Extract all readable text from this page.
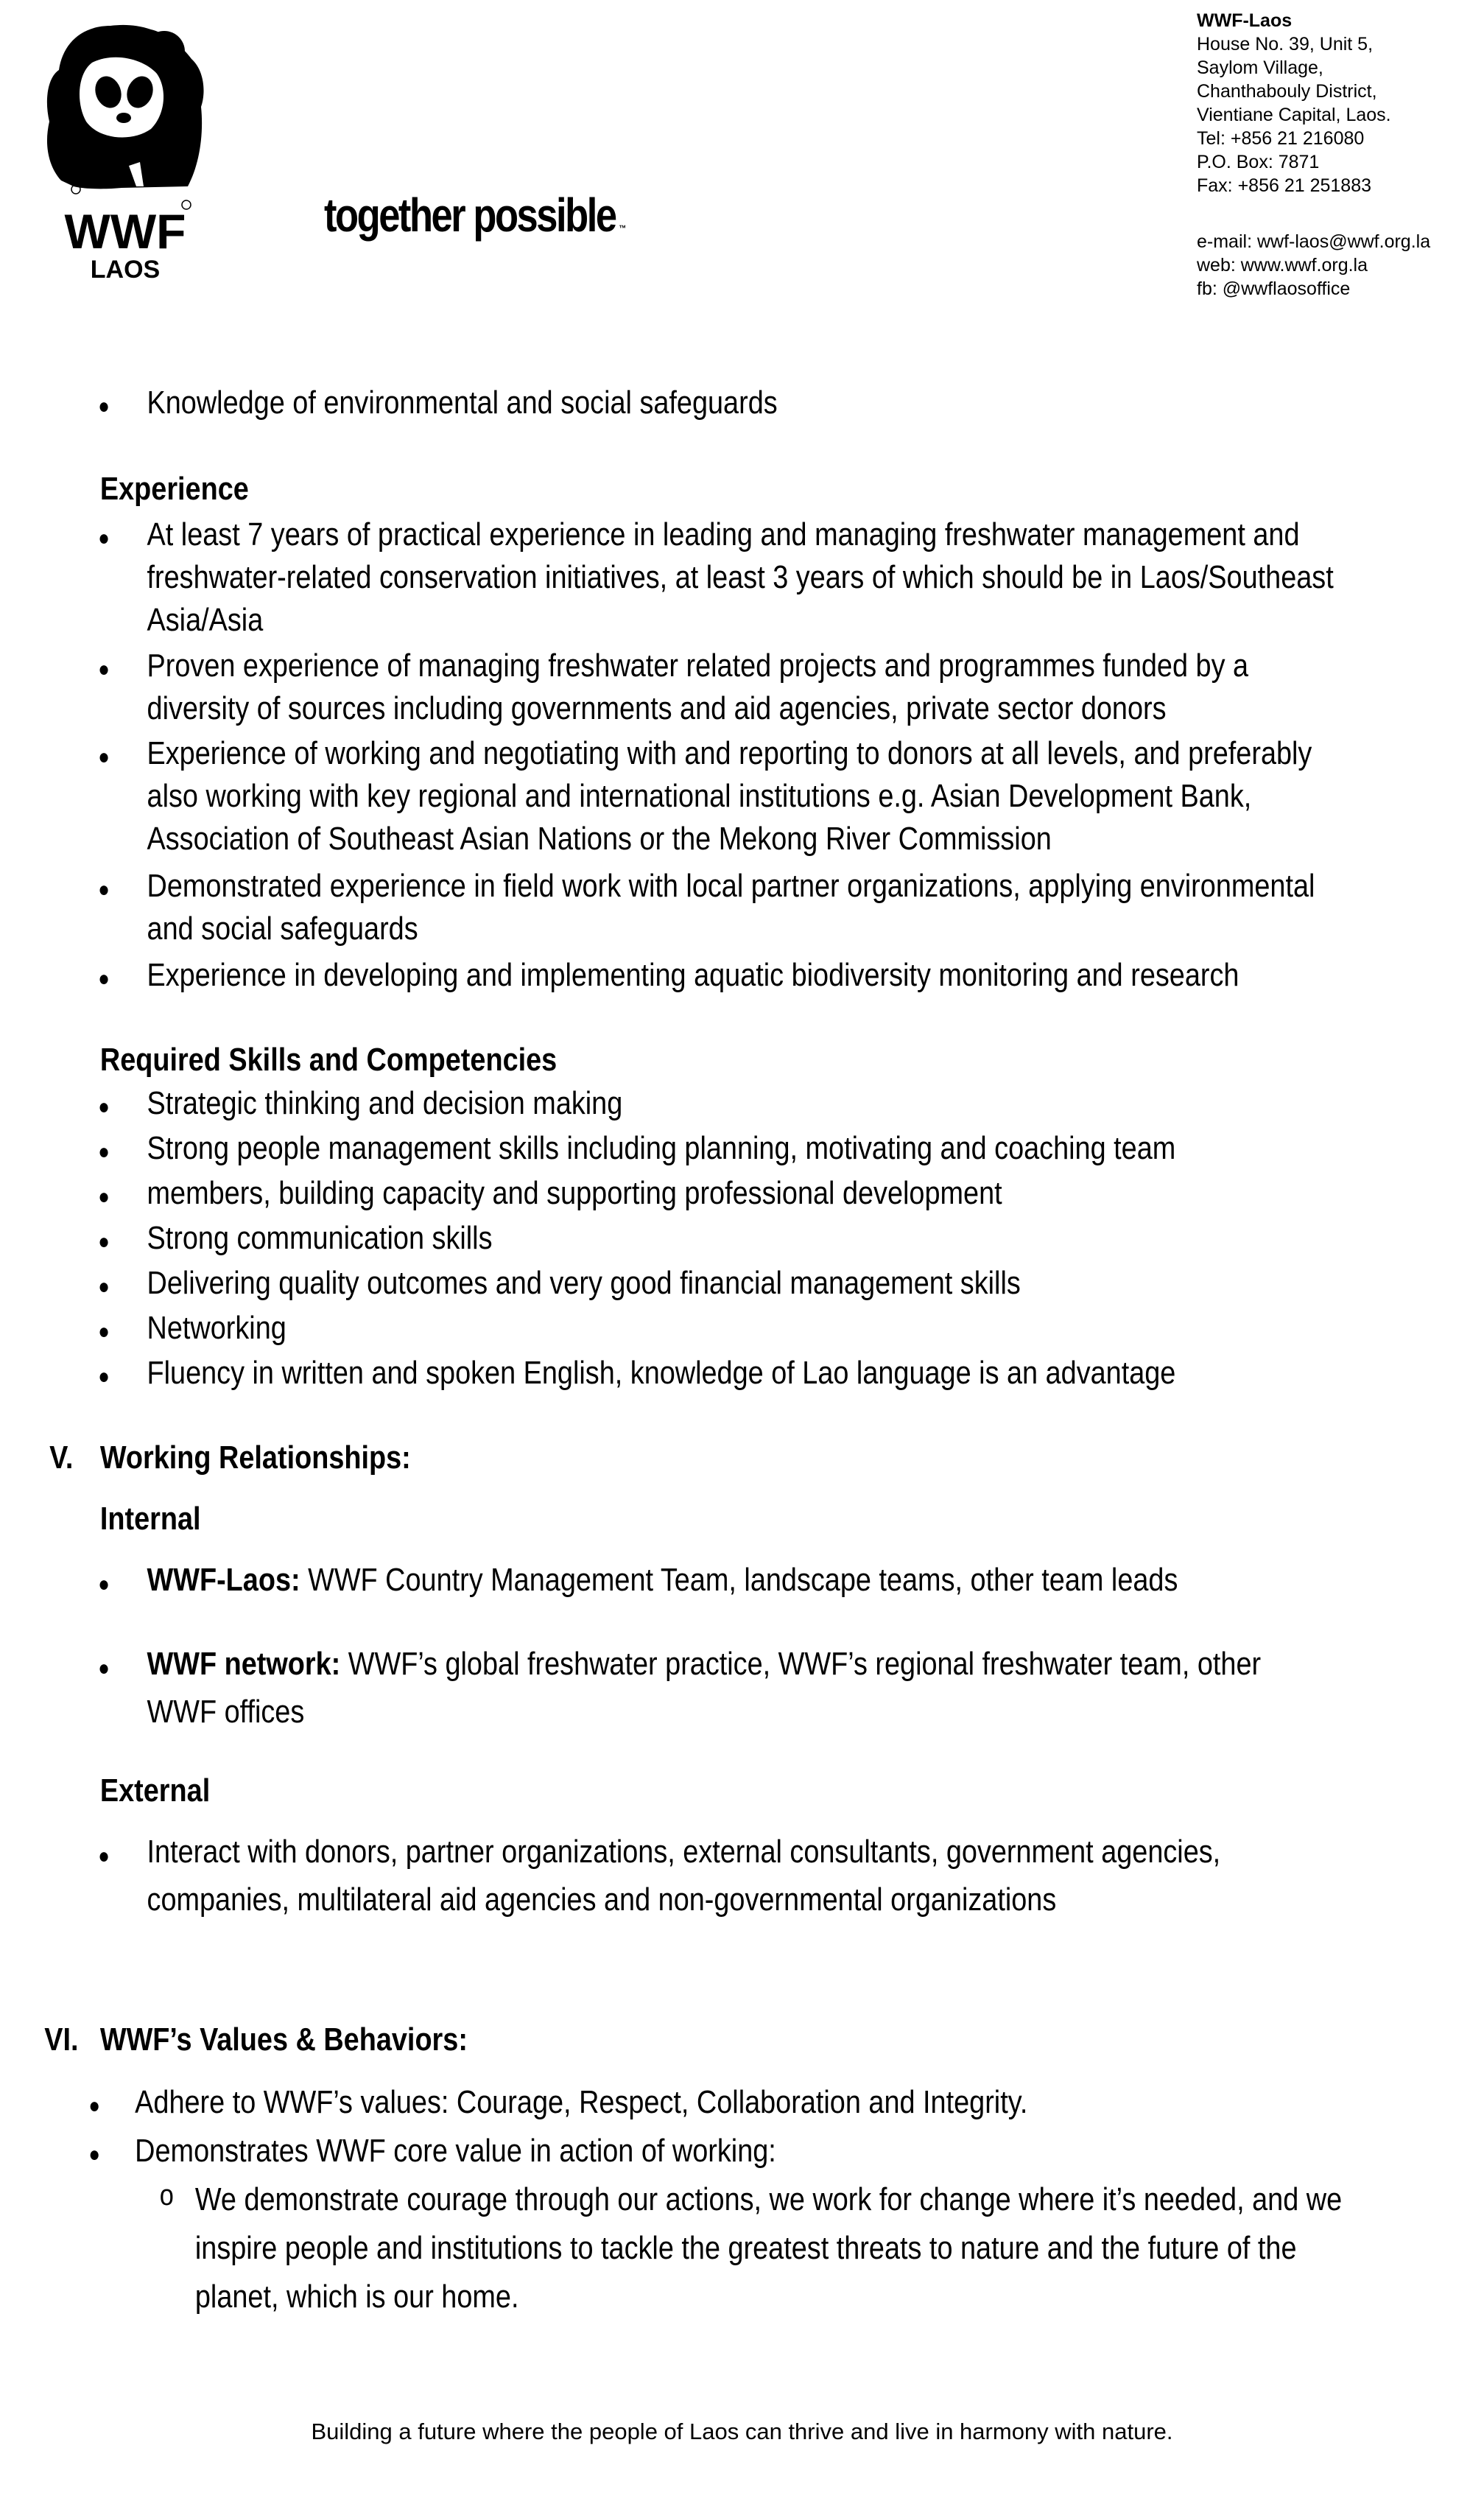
WWF
LAOS
together possible ™
WWF-Laos
House No. 39, Unit 5,
Saylom Village,
Chanthabouly District,
Vientiane Capital, Laos.
Tel: +856 21 216080
P.O. Box: 7871
Fax: +856 21 251883
e-mail: wwf-laos@wwf.org.la
web: www.wwf.org.la
fb: @wwflaosoffice
● Knowledge of environmental and social safeguards
Experience
● At least 7 years of practical experience in leading and managing freshwater management and
freshwater-related conservation initiatives, at least 3 years of which should be in Laos/Southeast
Asia/Asia
● Proven experience of managing freshwater related projects and programmes funded by a
diversity of sources including governments and aid agencies, private sector donors
● Experience of working and negotiating with and reporting to donors at all levels, and preferably
also working with key regional and international institutions e.g. Asian Development Bank,
Association of Southeast Asian Nations or the Mekong River Commission
● Demonstrated experience in field work with local partner organizations, applying environmental
and social safeguards
● Experience in developing and implementing aquatic biodiversity monitoring and research
Required Skills and Competencies
● Strategic thinking and decision making
● Strong people management skills including planning, motivating and coaching team
● members, building capacity and supporting professional development
● Strong communication skills
● Delivering quality outcomes and very good financial management skills
● Networking
● Fluency in written and spoken English, knowledge of Lao language is an advantage
V. Working Relationships:
Internal
● WWF-Laos: WWF Country Management Team, landscape teams, other team leads
● WWF network: WWF’s global freshwater practice, WWF’s regional freshwater team, other
WWF offices
External
● Interact with donors, partner organizations, external consultants, government agencies,
companies, multilateral aid agencies and non-governmental organizations
VI. WWF’s Values & Behaviors:
● Adhere to WWF’s values: Courage, Respect, Collaboration and Integrity.
● Demonstrates WWF core value in action of working:
o We demonstrate courage through our actions, we work for change where it’s needed, and we
inspire people and institutions to tackle the greatest threats to nature and the future of the
planet, which is our home.
Building a future where the people of Laos can thrive and live in harmony with nature.
